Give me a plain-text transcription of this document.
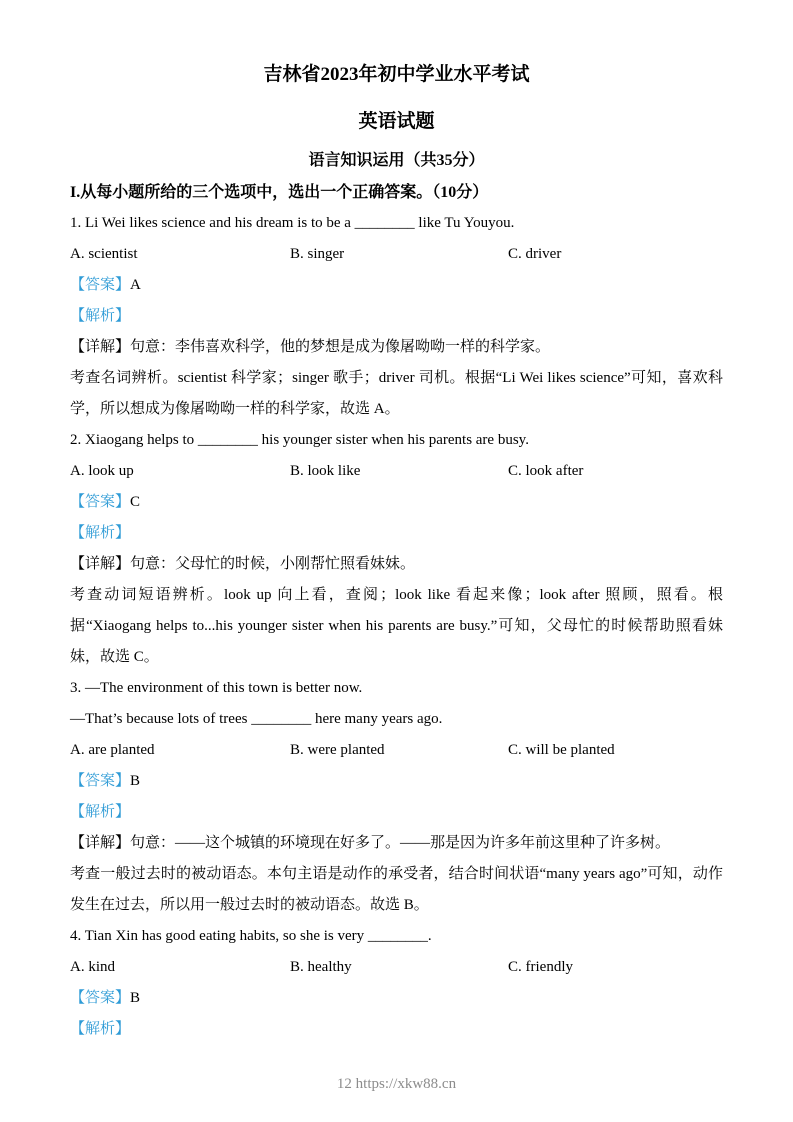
吉林省2023年初中学业水平考试
英语试题
语言知识运用（共35分）

I.从每小题所给的三个选项中，选出一个正确答案。（10分）

1. Li Wei likes science and his dream is to be a ________ like Tu Youyou.

A. scientist	B. singer	C. driver

【答案】A

【解析】

【详解】句意：李伟喜欢科学，他的梦想是成为像屠呦呦一样的科学家。

考查名词辨析。scientist 科学家；singer 歌手；driver 司机。根据“Li Wei likes science”可知，喜欢科学，所以想成为像屠呦呦一样的科学家，故选 A。

2. Xiaogang helps to ________ his younger sister when his parents are busy.

A. look up	B. look like	C. look after

【答案】C

【解析】

【详解】句意：父母忙的时候，小刚帮忙照看妹妹。

考查动词短语辨析。look up 向上看，查阅；look like 看起来像；look after 照顾，照看。根据“Xiaogang helps to...his younger sister when his parents are busy.”可知，父母忙的时候帮助照看妹妹，故选 C。

3. —The environment of this town is better now.

—That’s because lots of trees ________ here many years ago.

A. are planted	B. were planted	C. will be planted

【答案】B

【解析】

【详解】句意：——这个城镇的环境现在好多了。——那是因为许多年前这里种了许多树。

考查一般过去时的被动语态。本句主语是动作的承受者，结合时间状语“many years ago”可知，动作发生在过去，所以用一般过去时的被动语态。故选 B。

4. Tian Xin has good eating habits, so she is very ________.

A. kind	B. healthy	C. friendly

【答案】B

【解析】

12 https://xkw88.cn
